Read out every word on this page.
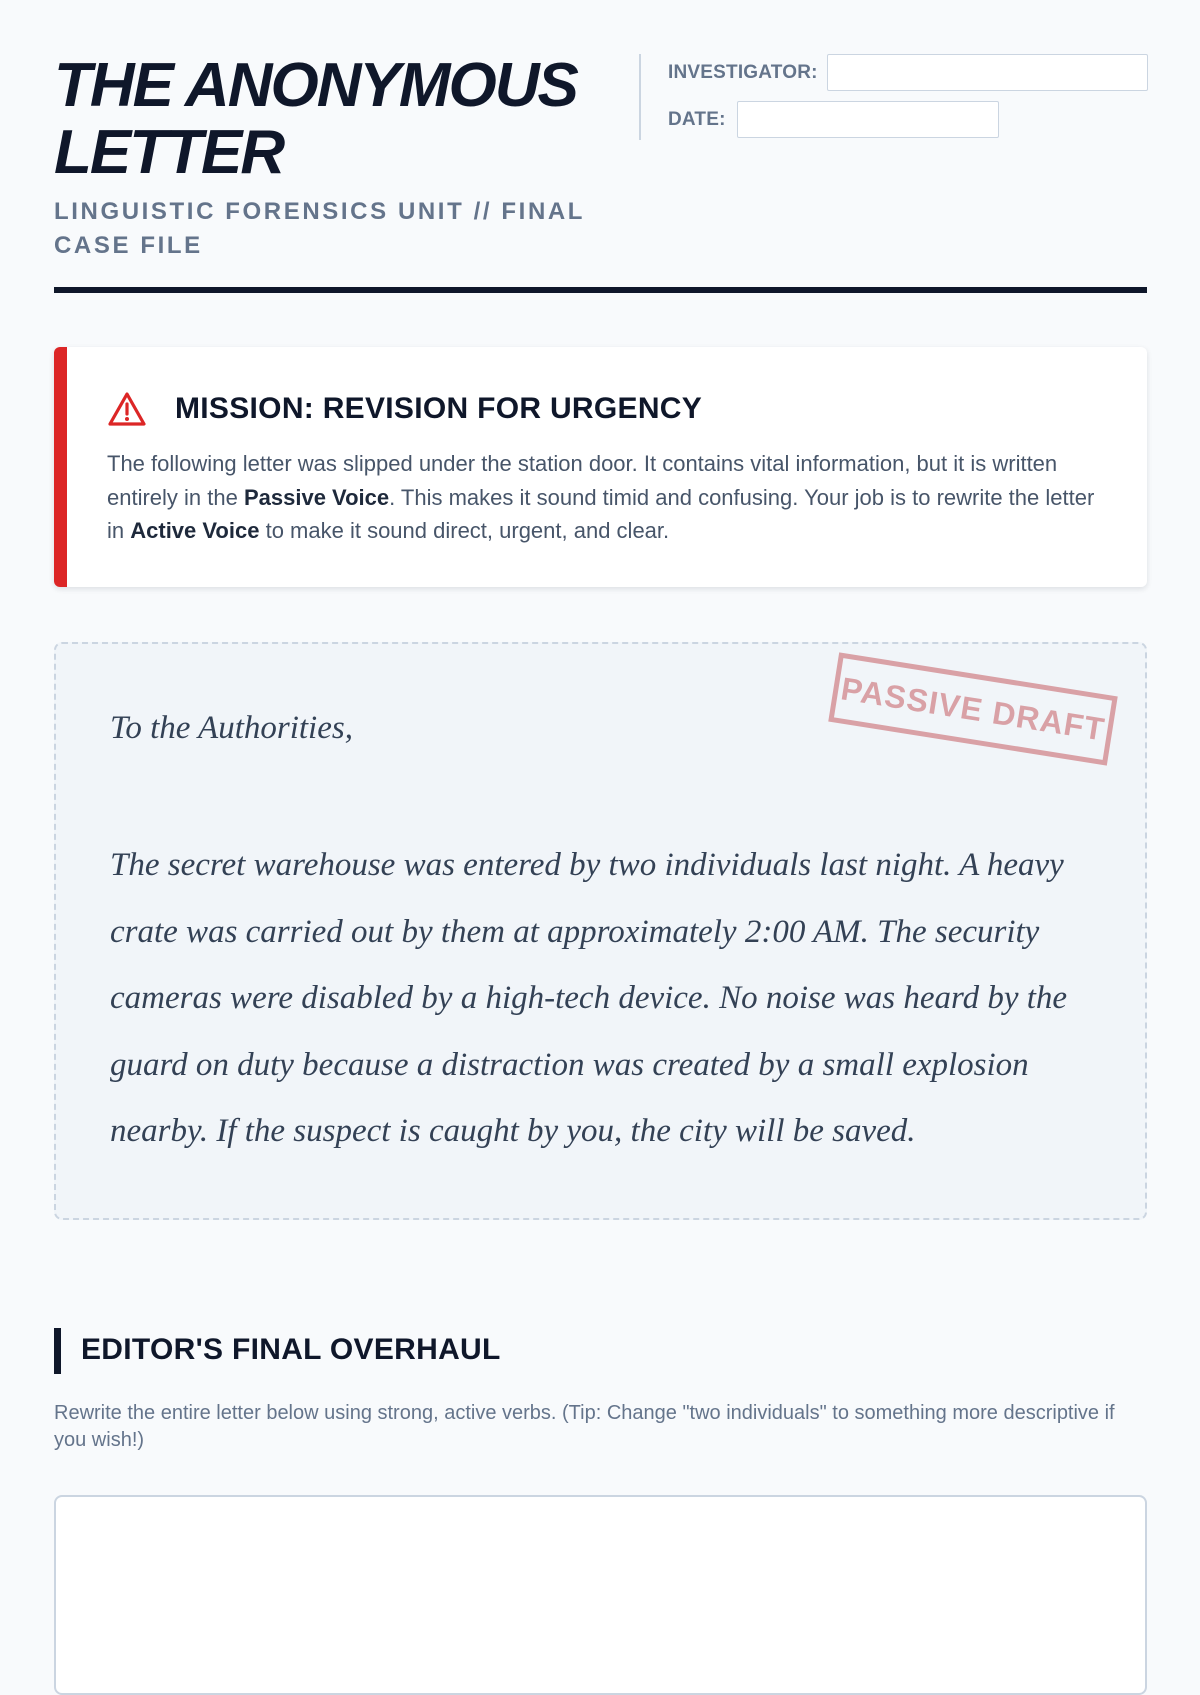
THE ANONYMOUS LETTER
LINGUISTIC FORENSICS UNIT // FINAL CASE FILE
INVESTIGATOR:
DATE:
MISSION: REVISION FOR URGENCY
The following letter was slipped under the station door. It contains vital information, but it is written entirely in the Passive Voice. This makes it sound timid and confusing. Your job is to rewrite the letter in Active Voice to make it sound direct, urgent, and clear.
PASSIVE DRAFT
To the Authorities,
The secret warehouse was entered by two individuals last night. A heavy crate was carried out by them at approximately 2:00 AM. The security cameras were disabled by a high-tech device. No noise was heard by the guard on duty because a distraction was created by a small explosion nearby. If the suspect is caught by you, the city will be saved.
EDITOR'S FINAL OVERHAUL
Rewrite the entire letter below using strong, active verbs. (Tip: Change "two individuals" to something more descriptive if you wish!)
